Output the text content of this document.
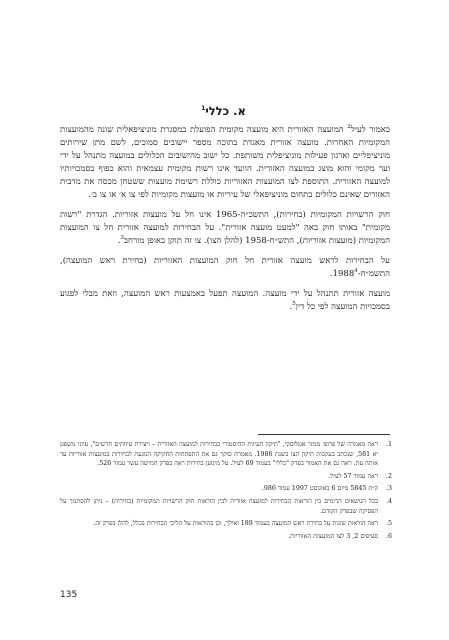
א. כללי$^1$

כאמור לעיל$^2$ המועצה האזורית היא מועצה מקומית הפועלת במסגרת מוניציפאלית שונה מהמועצות המקומיות האחרות. מועצה אזורית מאגדת בתוכה מספר יישובים סמוכים, לשם מתן שירותים מוניציפליים וארגון פעילות מוניציפלית משותפת. כל ישוב מהישובים הכלולים במועצה מתנהל על ידי וער מקומי והוא מוצג במועצה האזורית. הוועד אינו רשות מקומית עצמאית והוא כפוף בסמכויותיו למועצה האזורית. התוספת לצו המועצות האזוריות כוללת רשימת מועצות ששטחן מכסה את מרבית האזורים שאינם כלולים בתחום מוניציפאלי של עיריות או מועצות מקומיות לפי צו א׳ או צו ב׳.

חוק הרשויות המקומיות (בחירות), התשכ״ה-1965 אינו חל על מועצות אזוריות. הגדרת "רשות מקומית" באותו חוק באה "למעט מועצה אזורית". על הבחירות למועצה אזורית חל צו המועצות המקומיות (מועצות אזוריות), התש״ח-1958 (להלן הצו). צו זה תוקן באופן מורחב$^3$.

על הבחירות לראש מועצה אזורית חל חוק המועצות האזוריות (בחירת ראש המועצה), התשמ״ח-1988$^4$.

מועצה אזורית תתנהל על ידי מועצה. המועצה תפעל באמצעות ראש המועצה, וזאת מבלי לפגוע בסמכויות המועצה לפי כל דין$^5$.

1.
ראה מאמרה של פרופ׳ ממזר אטלוסקי, "תיקון העיוות ההיסטורי בבחירות למועצה האזורית – ויצירת עיוותים חדשים", עיוני משפט יא 581, שנכתב בעקבות תיקון הצו בשנת 1986. מאמרה סוקר גם את התפתחות החקיקה הנוגעת לבחירות במועצות אזוריות עד אותה עת. ראה גם את האמור בפרק "כללי" בעמוד 69 לעיל. על מינוען בחירות ראה בפרק חמישה עשר עמוד 526.
2.
ראה עמוד 57 לעיל.
3.
ק״ת 5845 מיום 6 באוגוסט 1997 עמוד 986.
4.
בכל הנושאים הדומים בין הוראות הבחירות למועצה אזורית לבין הוראות חוק הרשויות המקומיות (בחירות) – ניתן להסתמך על הפסיקה שבפרק הקודם.
5.
ראה הוראות שונות על בחירת ראש המועצה בעמוד 189 ואילך, וכן בהוראות על הליכי הבחירות בכלל, להלן בפרק זה.
6.
סעיפים 2, 3 לצו המועצות האזוריות.
135
